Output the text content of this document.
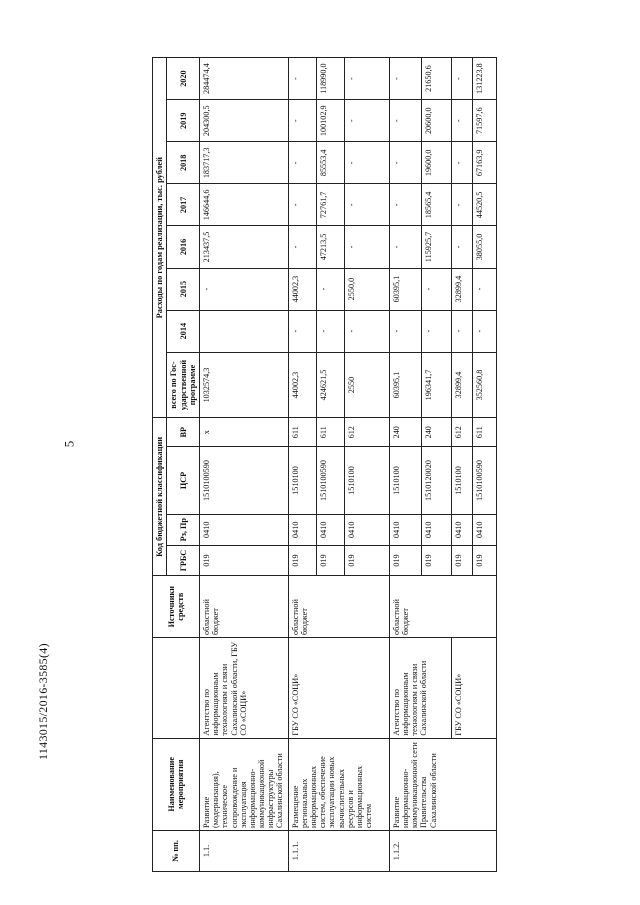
5
1143015/2016-3585(4)
№ пп.	Наименование мероприятия		Источники средств	Код бюджетной классификации				Расходы по годам реализации, тыс. рублей							
				ГРБС	Рз, Пр	ЦСР	ВР	всего по Гос-ударственной программе	2014	2015	2016	2017	2018	2019	2020
1.1.	Развитие (модернизация), техническое сопровождение и эксплуатация информационно-коммуникационной инфраструктуры Сахалинской области	Агентство по информационным технологиям и связи Сахалинской области, ГБУ СО «СОЦИ»	областной бюджет	019	0410	1510100590	х	1032574,3		-	213437,5	146644,6	183717,3	204300,5	284474,4
1.1.1.	Размещение региональных информационных систем, обеспечение эксплуатации новых вычислительных ресурсов и информационных систем	ГБУ СО «СОЦИ»	областной бюджет	019	0410	1510100	611	44002,3	-	44002,3	-	-	-	-	-
				019	0410	1510100590	611	424621,5	-	-	47213,5	72761,7	85553,4	100102,9	118990,0
				019	0410	1510100	612	2550	-	2550,0	-	-	-	-	-
1.1.2.	Развитие информационно-коммуникационной сети Правительства Сахалинской области	Агентство по информационным технологиям и связи Сахалинской области	областной бюджет	019	0410	1510100	240	60395,1	-	60395,1	-	-	-	-	-
				019	0410	1510120020	240	196341,7	-	-	115925,7	18565,4	19600,0	20600,0	21650,6
		ГБУ СО «СОЦИ»		019	0410	1510100	612	32899,4	-	32899,4	-	-	-	-	-
				019	0410	1510100590	611	352560,8	-	-	38055,0	44520,5	67163,9	71597,6	131223,8
